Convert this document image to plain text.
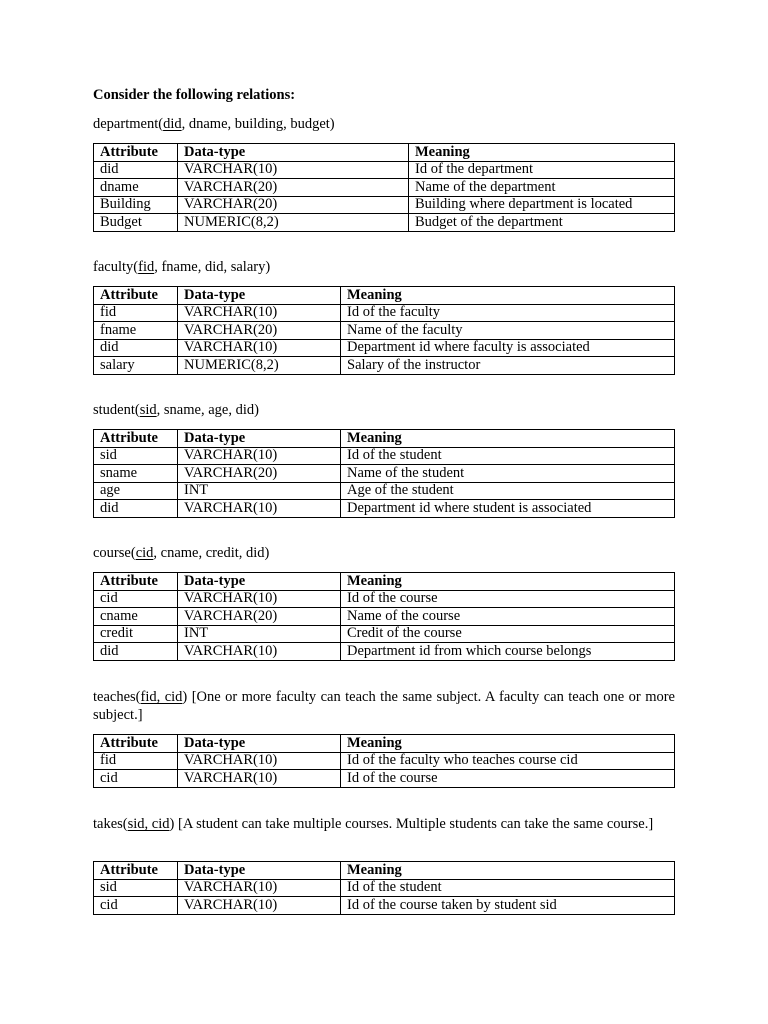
Consider the following relations:
department(did, dname, building, budget)
Attribute	Data-type	Meaning
did	VARCHAR(10)	Id of the department
dname	VARCHAR(20)	Name of the department
Building	VARCHAR(20)	Building where department is located
Budget	NUMERIC(8,2)	Budget of the department
faculty(fid, fname, did, salary)
Attribute	Data-type	Meaning
fid	VARCHAR(10)	Id of the faculty
fname	VARCHAR(20)	Name of the faculty
did	VARCHAR(10)	Department id where faculty is associated
salary	NUMERIC(8,2)	Salary of the instructor
student(sid, sname, age, did)
Attribute	Data-type	Meaning
sid	VARCHAR(10)	Id of the student
sname	VARCHAR(20)	Name of the student
age	INT	Age of the student
did	VARCHAR(10)	Department id where student is associated
course(cid, cname, credit, did)
Attribute	Data-type	Meaning
cid	VARCHAR(10)	Id of the course
cname	VARCHAR(20)	Name of the course
credit	INT	Credit of the course
did	VARCHAR(10)	Department id from which course belongs
teaches(fid, cid) [One or more faculty can teach the same subject. A faculty can teach one or more subject.]
Attribute	Data-type	Meaning
fid	VARCHAR(10)	Id of the faculty who teaches course cid
cid	VARCHAR(10)	Id of the course
takes(sid, cid) [A student can take multiple courses. Multiple students can take the same course.]
Attribute	Data-type	Meaning
sid	VARCHAR(10)	Id of the student
cid	VARCHAR(10)	Id of the course taken by student sid
